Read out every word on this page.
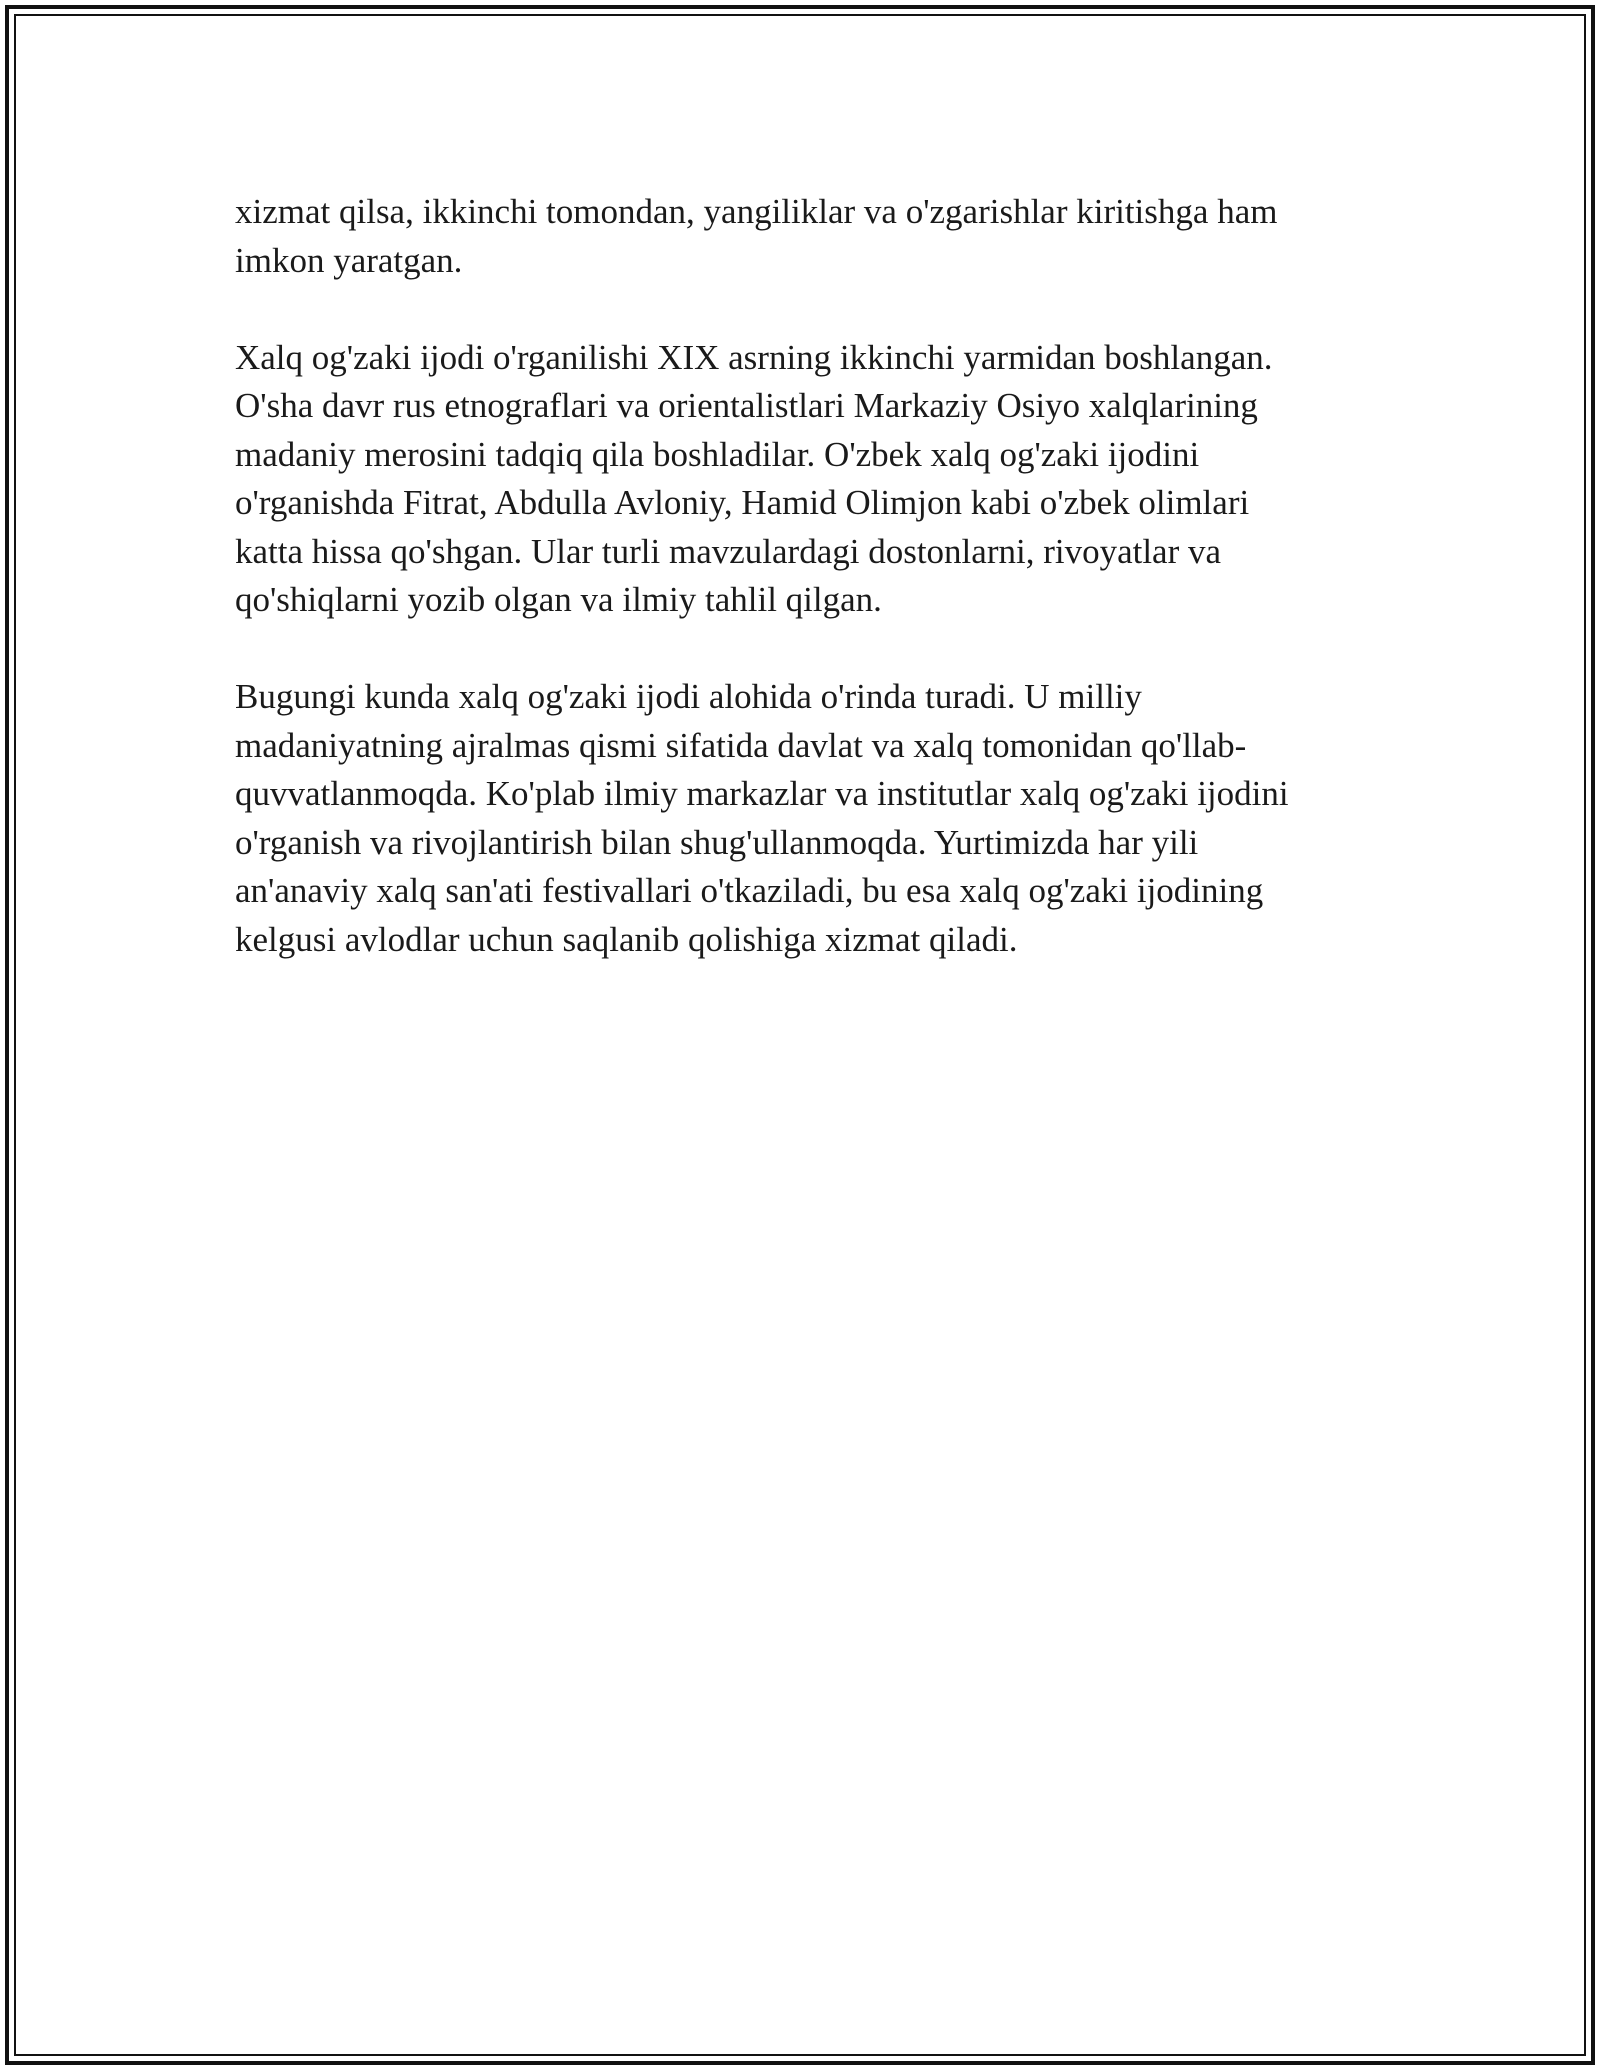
xizmat qilsa, ikkinchi tomondan, yangiliklar va o'zgarishlar kiritishga ham
imkon yaratgan.

Xalq og'zaki ijodi o'rganilishi XIX asrning ikkinchi yarmidan boshlangan.
O'sha davr rus etnograflari va orientalistlari Markaziy Osiyo xalqlarining
madaniy merosini tadqiq qila boshladilar. O'zbek xalq og'zaki ijodini
o'rganishda Fitrat, Abdulla Avloniy, Hamid Olimjon kabi o'zbek olimlari
katta hissa qo'shgan. Ular turli mavzulardagi dostonlarni, rivoyatlar va
qo'shiqlarni yozib olgan va ilmiy tahlil qilgan.

Bugungi kunda xalq og'zaki ijodi alohida o'rinda turadi. U milliy
madaniyatning ajralmas qismi sifatida davlat va xalq tomonidan qo'llab-
quvvatlanmoqda. Ko'plab ilmiy markazlar va institutlar xalq og'zaki ijodini
o'rganish va rivojlantirish bilan shug'ullanmoqda. Yurtimizda har yili
an'anaviy xalq san'ati festivallari o'tkaziladi, bu esa xalq og'zaki ijodining
kelgusi avlodlar uchun saqlanib qolishiga xizmat qiladi.
